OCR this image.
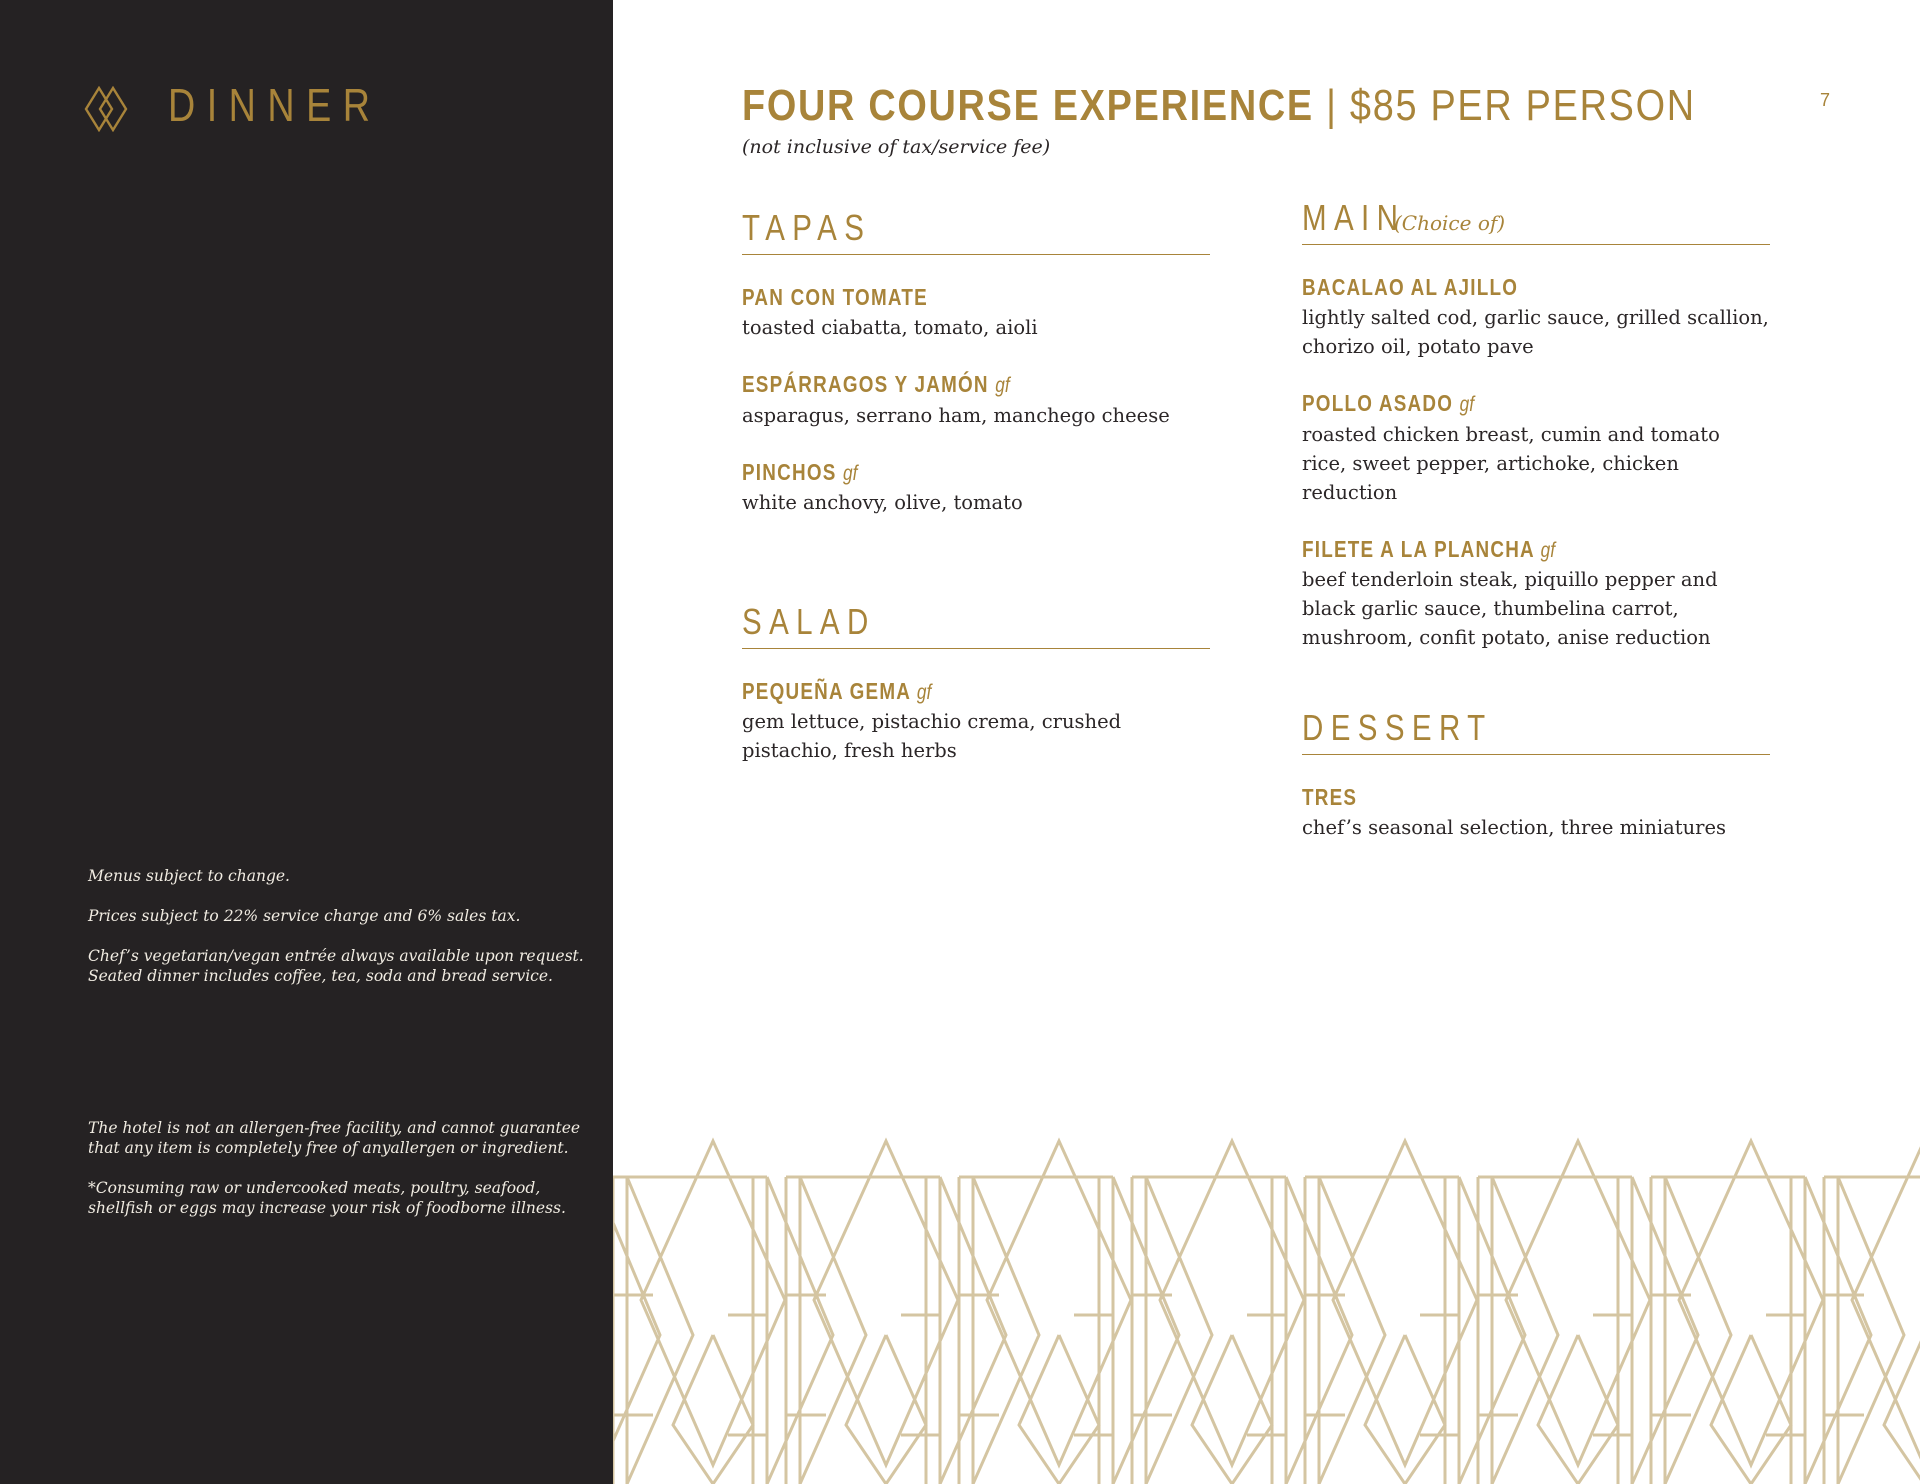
DINNER

Menus subject to change.

Prices subject to 22% service charge and 6% sales tax.

Chef’s vegetarian/vegan entrée always available upon request.
Seated dinner includes coffee, tea, soda and bread service.

The hotel is not an allergen-free facility, and cannot guarantee
that any item is completely free of anyallergen or ingredient.

*Consuming raw or undercooked meats, poultry, seafood,
shellfish or eggs may increase your risk of foodborne illness.

FOUR COURSE EXPERIENCE | $85 PER PERSON

(not inclusive of tax/service fee)

7
TAPAS
PAN CON TOMATE

toasted ciabatta, tomato, aioli

ESPÁRRAGOS Y JAMÓN gf

asparagus, serrano ham, manchego cheese

PINCHOS gf

white anchovy, olive, tomato

SALAD
PEQUEÑA GEMA gf

gem lettuce, pistachio crema, crushed pistachio, fresh herbs

MAIN
(Choice of)
BACALAO AL AJILLO

lightly salted cod, garlic sauce, grilled scallion, chorizo oil, potato pave

POLLO ASADO gf

roasted chicken breast, cumin and tomato rice, sweet pepper, artichoke, chicken reduction

FILETE A LA PLANCHA gf

beef tenderloin steak, piquillo pepper and black garlic sauce, thumbelina carrot, mushroom, confit potato, anise reduction

DESSERT
TRES

chef’s seasonal selection, three miniatures
